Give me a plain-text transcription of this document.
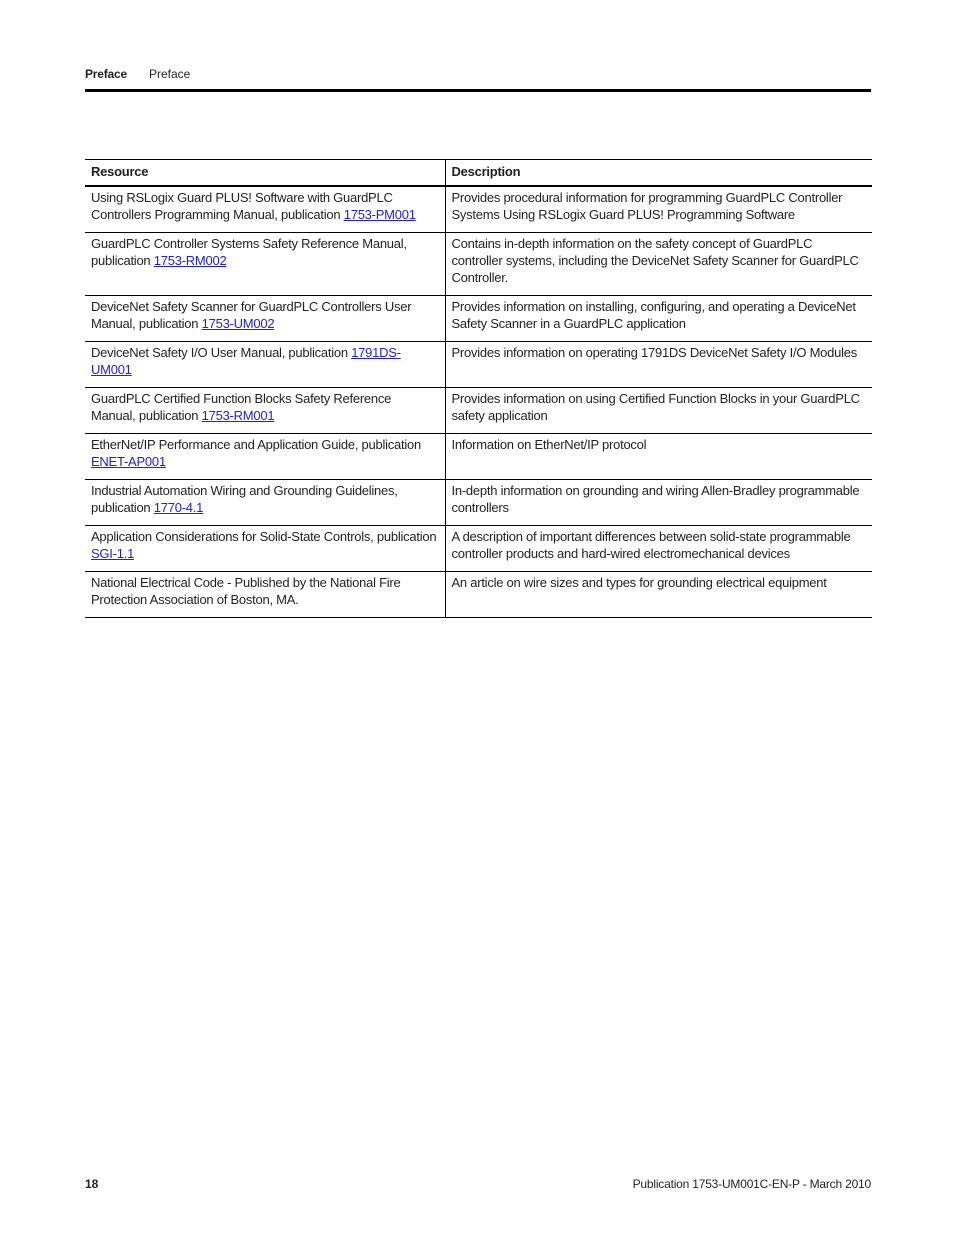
Preface Preface
Resource	Description
Using RSLogix Guard PLUS! Software with GuardPLC Controllers Programming Manual, publication 1753-PM001	Provides procedural information for programming GuardPLC Controller Systems Using RSLogix Guard PLUS! Programming Software
GuardPLC Controller Systems Safety Reference Manual, publication 1753-RM002	Contains in-depth information on the safety concept of GuardPLC controller systems, including the DeviceNet Safety Scanner for GuardPLC Controller.
DeviceNet Safety Scanner for GuardPLC Controllers User Manual, publication 1753-UM002	Provides information on installing, configuring, and operating a DeviceNet Safety Scanner in a GuardPLC application
DeviceNet Safety I/O User Manual, publication 1791DS-UM001	Provides information on operating 1791DS DeviceNet Safety I/O Modules
GuardPLC Certified Function Blocks Safety Reference Manual, publication 1753-RM001	Provides information on using Certified Function Blocks in your GuardPLC safety application
EtherNet/IP Performance and Application Guide, publication ENET-AP001	Information on EtherNet/IP protocol
Industrial Automation Wiring and Grounding Guidelines, publication 1770-4.1	In-depth information on grounding and wiring Allen-Bradley programmable controllers
Application Considerations for Solid-State Controls, publication SGI-1.1	A description of important differences between solid-state programmable controller products and hard-wired electromechanical devices
National Electrical Code - Published by the National Fire Protection Association of Boston, MA.	An article on wire sizes and types for grounding electrical equipment
18	Publication 1753-UM001C-EN-P - March 2010
